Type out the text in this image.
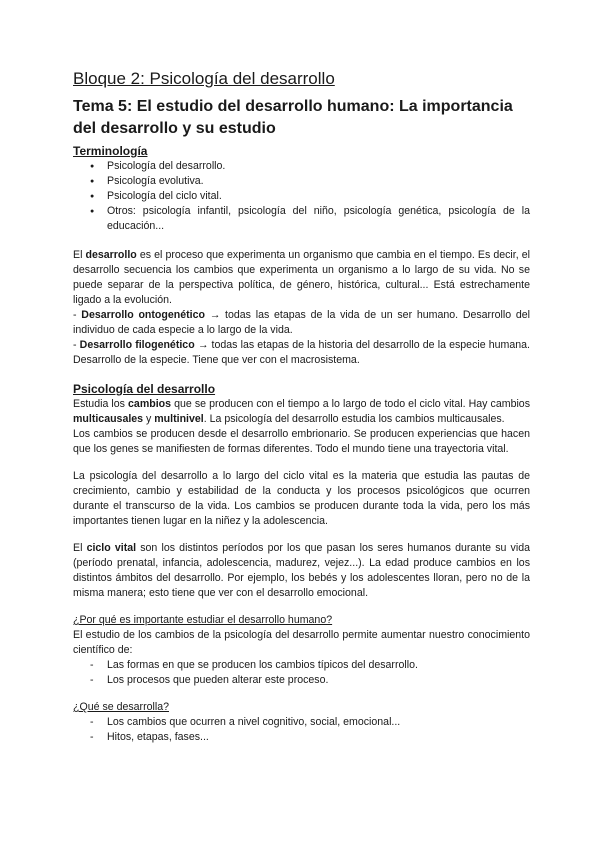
Bloque 2: Psicología del desarrollo
Tema 5: El estudio del desarrollo humano: La importancia del desarrollo y su estudio
Terminología
● Psicología del desarrollo.
● Psicología evolutiva.
● Psicología del ciclo vital.
● Otros: psicología infantil, psicología del niño, psicología genética, psicología de la educación...

El desarrollo es el proceso que experimenta un organismo que cambia en el tiempo. Es decir, el desarrollo secuencia los cambios que experimenta un organismo a lo largo de su vida. No se puede separar de la perspectiva política, de género, histórica, cultural... Está estrechamente ligado a la evolución.

- Desarrollo ontogenético → todas las etapas de la vida de un ser humano. Desarrollo del individuo de cada especie a lo largo de la vida.

- Desarrollo filogenético → todas las etapas de la historia del desarrollo de la especie humana. Desarrollo de la especie. Tiene que ver con el macrosistema.

Psicología del desarrollo

Estudia los cambios que se producen con el tiempo a lo largo de todo el ciclo vital. Hay cambios multicausales y multinivel. La psicología del desarrollo estudia los cambios multicausales.

Los cambios se producen desde el desarrollo embrionario. Se producen experiencias que hacen que los genes se manifiesten de formas diferentes. Todo el mundo tiene una trayectoria vital.

La psicología del desarrollo a lo largo del ciclo vital es la materia que estudia las pautas de crecimiento, cambio y estabilidad de la conducta y los procesos psicológicos que ocurren durante el transcurso de la vida. Los cambios se producen durante toda la vida, pero los más importantes tienen lugar en la niñez y la adolescencia.

El ciclo vital son los distintos períodos por los que pasan los seres humanos durante su vida (período prenatal, infancia, adolescencia, madurez, vejez...). La edad produce cambios en los distintos ámbitos del desarrollo. Por ejemplo, los bebés y los adolescentes lloran, pero no de la misma manera; esto tiene que ver con el desarrollo emocional.

¿Por qué es importante estudiar el desarrollo humano?

El estudio de los cambios de la psicología del desarrollo permite aumentar nuestro conocimiento científico de:

- Las formas en que se producen los cambios típicos del desarrollo.
- Los procesos que pueden alterar este proceso.

¿Qué se desarrolla?

- Los cambios que ocurren a nivel cognitivo, social, emocional...
- Hitos, etapas, fases...
